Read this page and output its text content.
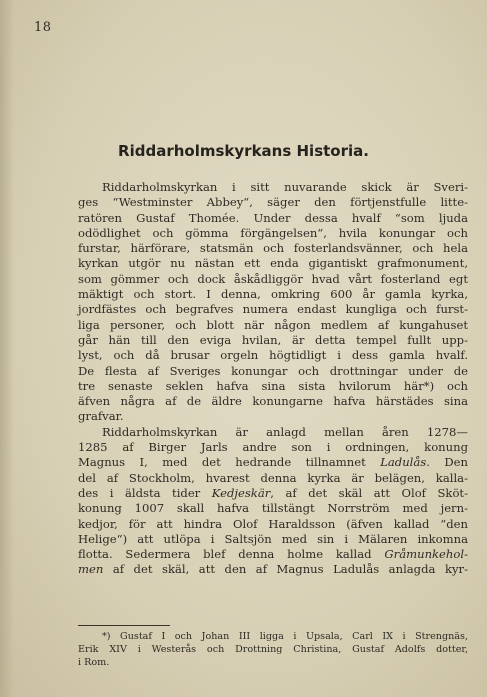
18
Riddarholmskyrkans Historia.
Riddarholmskyrkan i sitt nuvarande skick är Sveri-
ges “Westminster Abbey“, säger den förtjenstfulle litte-
ratören Gustaf Thomée. Under dessa hvalf “som ljuda
odödlighet och gömma förgängelsen“, hvila konungar och
furstar, härförare, statsmän och fosterlandsvänner, och hela
kyrkan utgör nu nästan ett enda gigantiskt grafmonument,
som gömmer och dock åskådliggör hvad vårt fosterland egt
mäktigt och stort. I denna, omkring 600 år gamla kyrka,
jordfästes och begrafves numera endast kungliga och furst-
liga personer, och blott när någon medlem af kungahuset
går hän till den eviga hvilan, är detta tempel fullt upp-
lyst, och då brusar orgeln högtidligt i dess gamla hvalf.
De flesta af Sveriges konungar och drottningar under de
tre senaste seklen hafva sina sista hvilorum här*) och
äfven några af de äldre konungarne hafva härstädes sina
grafvar.
Riddarholmskyrkan är anlagd mellan åren 1278—
1285 af Birger Jarls andre son i ordningen, konung
Magnus I, med det hedrande tillnamnet Ladulås. Den
del af Stockholm, hvarest denna kyrka är belägen, kalla-
des i äldsta tider Kedjeskär, af det skäl att Olof Sköt-
konung 1007 skall hafva tillstängt Norrström med jern-
kedjor, för att hindra Olof Haraldsson (äfven kallad “den
Helige“) att utlöpa i Saltsjön med sin i Mälaren inkomna
flotta. Sedermera blef denna holme kallad Gråmunkehol-
men af det skäl, att den af Magnus Ladulås anlagda kyr-
*) Gustaf I och Johan III ligga i Upsala, Carl IX i Strengnäs,
Erik XIV i Westerås och Drottning Christina, Gustaf Adolfs dotter,
i Rom.
